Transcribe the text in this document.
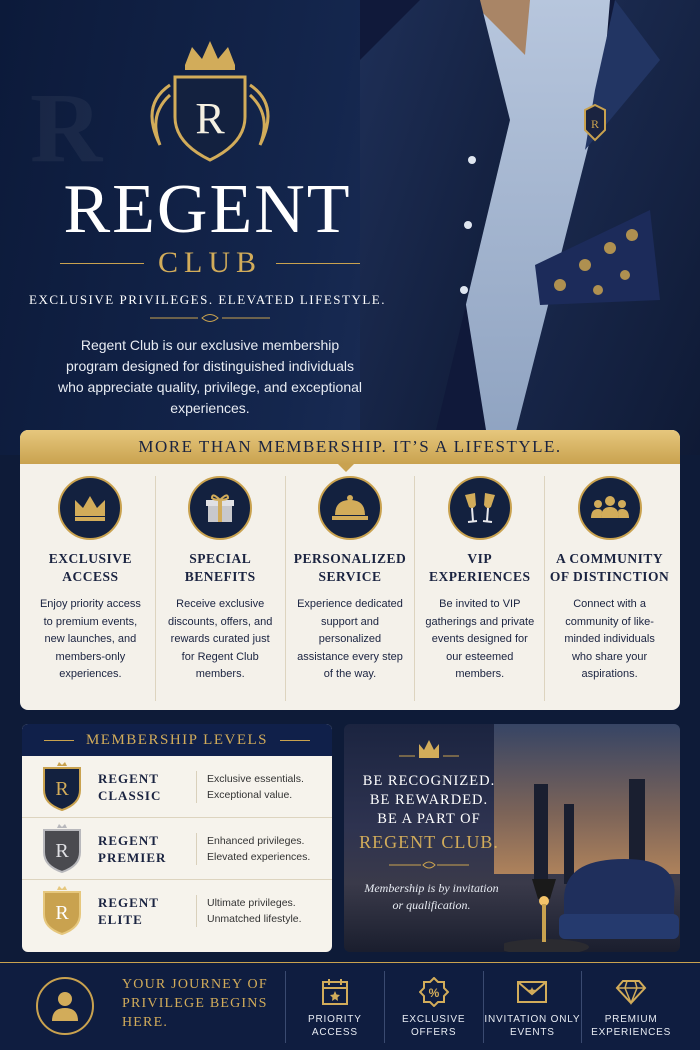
R	R
R
REGENT
CLUB
EXCLUSIVE PRIVILEGES. ELEVATED LIFESTYLE.

Regent Club is our exclusive membership program designed for distinguished individuals who appreciate quality, privilege, and exceptional experiences.

MORE THAN MEMBERSHIP. IT’S A LIFESTYLE.
EXCLUSIVE ACCESS
Enjoy priority access to premium events, new launches, and members-only experiences.
SPECIAL BENEFITS
Receive exclusive discounts, offers, and rewards curated just for Regent Club members.
PERSONALIZED SERVICE
Experience dedicated support and personalized assistance every step of the way.
VIP EXPERIENCES
Be invited to VIP gatherings and private events designed for our esteemed members.
A COMMUNITY OF DISTINCTION
Connect with a community of like-minded individuals who share your aspirations.
MEMBERSHIP LEVELS
R REGENT CLASSIC
Exclusive essentials.
Exceptional value.
R REGENT PREMIER
Enhanced privileges.
Elevated experiences.
R REGENT ELITE
Ultimate privileges.
Unmatched lifestyle.
BE RECOGNIZED.
BE REWARDED.
BE A PART OF
REGENT CLUB.
Membership is by invitation or qualification.
YOUR JOURNEY OF PRIVILEGE BEGINS HERE.	PRIORITY ACCESS
%
EXCLUSIVE OFFERS
INVITATION ONLY EVENTS
PREMIUM EXPERIENCES
